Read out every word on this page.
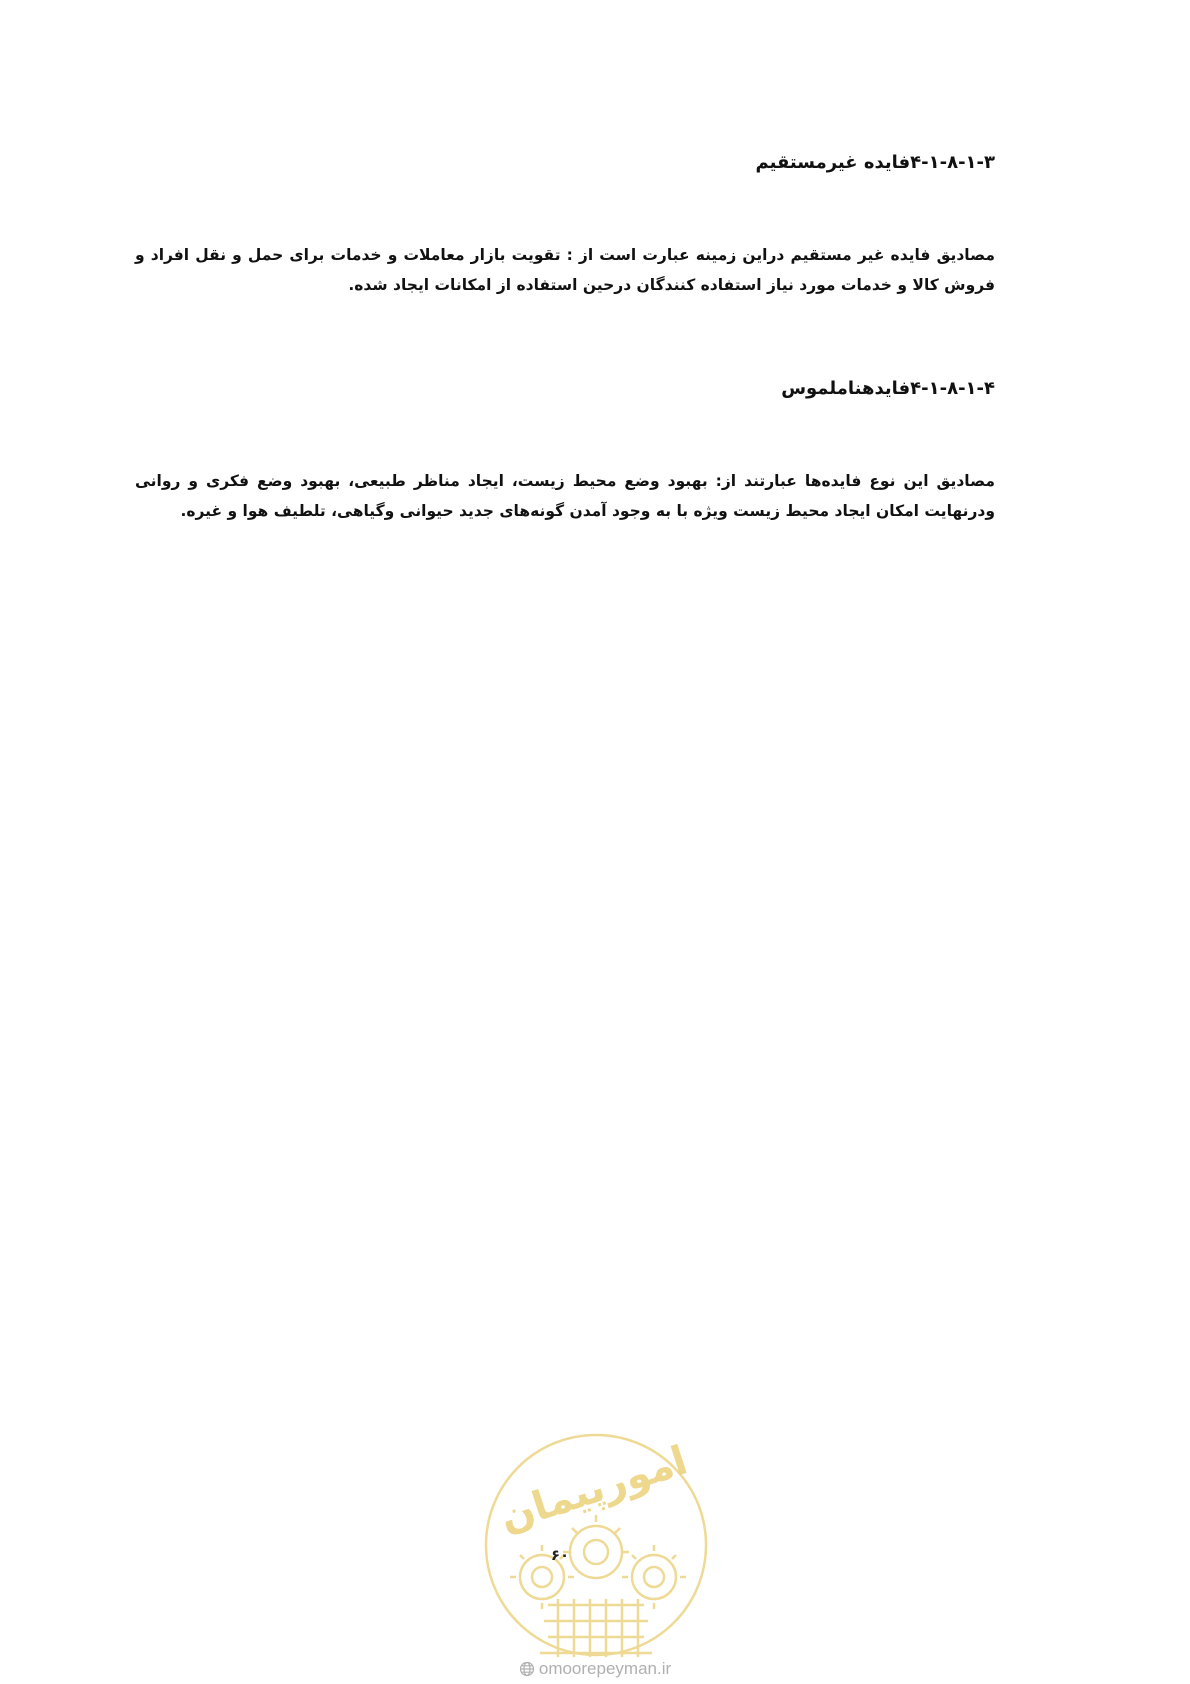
۴-۱-۸-۱-۳فایده غیرمستقیم
مصادیق فایده غیر مستقیم دراین زمینه عبارت است از : تقویت بازار معاملات و خدمات برای حمل و نقل افراد و فروش کالا و خدمات مورد نیاز استفاده کنندگان درحین استفاده از امکانات ایجاد شده.
۴-۱-۸-۱-۴فایدهناملموس
مصادیق این نوع فایده‌ها عبارتند از: بهبود وضع محیط زیست، ایجاد مناظر طبیعی، بهبود وضع فکری و روانی ودرنهایت امکان ایجاد محیط زیست ویژه با به وجود آمدن گونه‌های جدید حیوانی وگیاهی، تلطیف هوا و غیره.
امورپیمان
۶۰
omoorepeyman.ir
